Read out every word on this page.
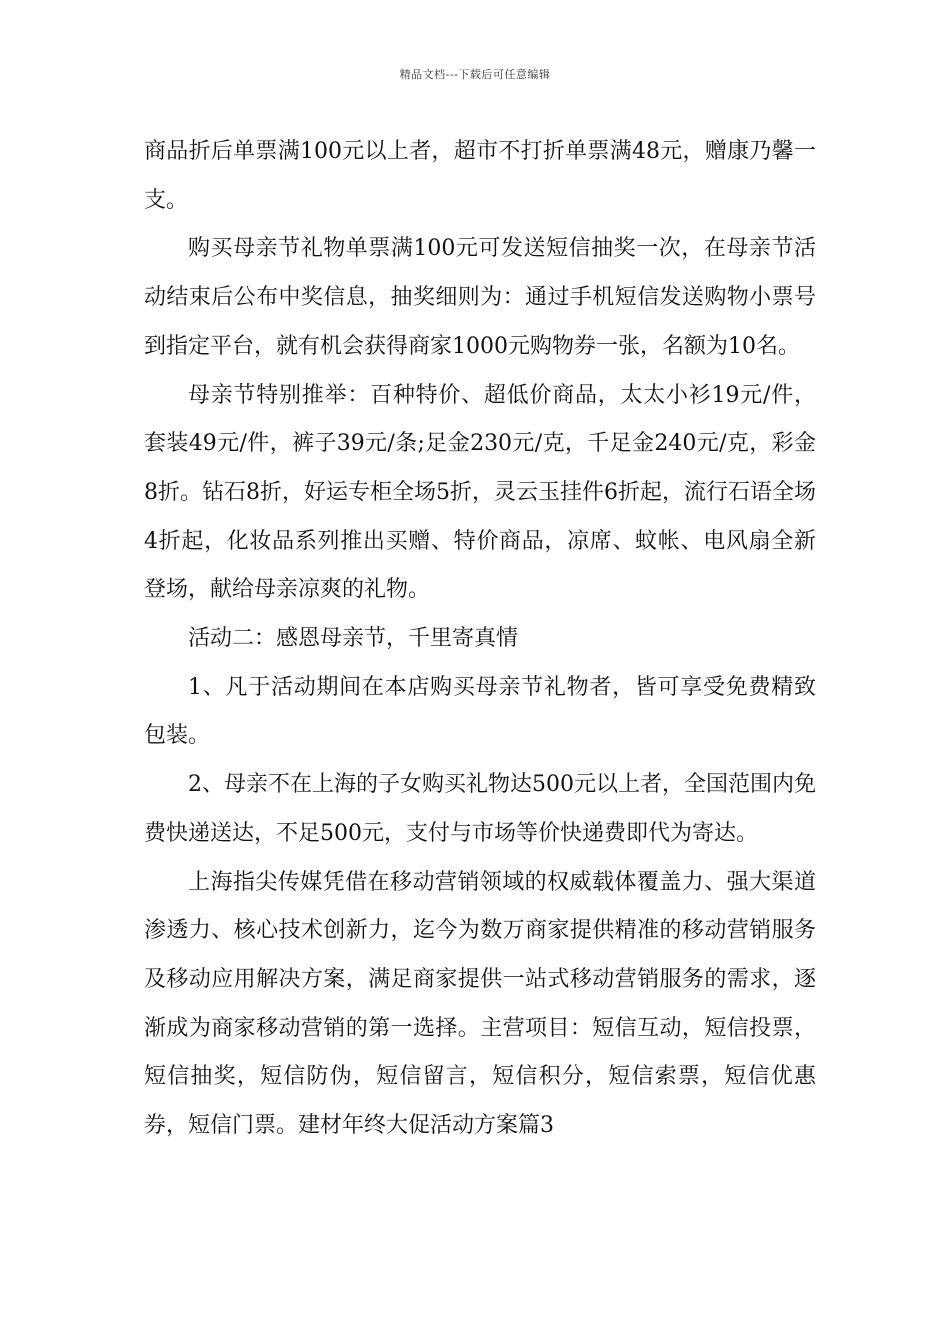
精品文档---下载后可任意编辑

商品折后单票满100元以上者，超市不打折单票满48元，赠康乃馨一支。

购买母亲节礼物单票满100元可发送短信抽奖一次，在母亲节活动结束后公布中奖信息，抽奖细则为：通过手机短信发送购物小票号到指定平台，就有机会获得商家1000元购物券一张，名额为10名。

母亲节特别推举：百种特价、超低价商品，太太小衫19元/件，套装49元/件，裤子39元/条;足金230元/克，千足金240元/克，彩金8折。钻石8折，好运专柜全场5折，灵云玉挂件6折起，流行石语全场4折起，化妆品系列推出买赠、特价商品，凉席、蚊帐、电风扇全新登场，献给母亲凉爽的礼物。

活动二：感恩母亲节，千里寄真情

1、凡于活动期间在本店购买母亲节礼物者，皆可享受免费精致包装。

2、母亲不在上海的子女购买礼物达500元以上者，全国范围内免费快递送达，不足500元，支付与市场等价快递费即代为寄达。

上海指尖传媒凭借在移动营销领域的权威载体覆盖力、强大渠道渗透力、核心技术创新力，迄今为数万商家提供精准的移动营销服务及移动应用解决方案，满足商家提供一站式移动营销服务的需求，逐渐成为商家移动营销的第一选择。主营项目：短信互动，短信投票，短信抽奖，短信防伪，短信留言，短信积分，短信索票，短信优惠券，短信门票。建材年终大促活动方案篇3
